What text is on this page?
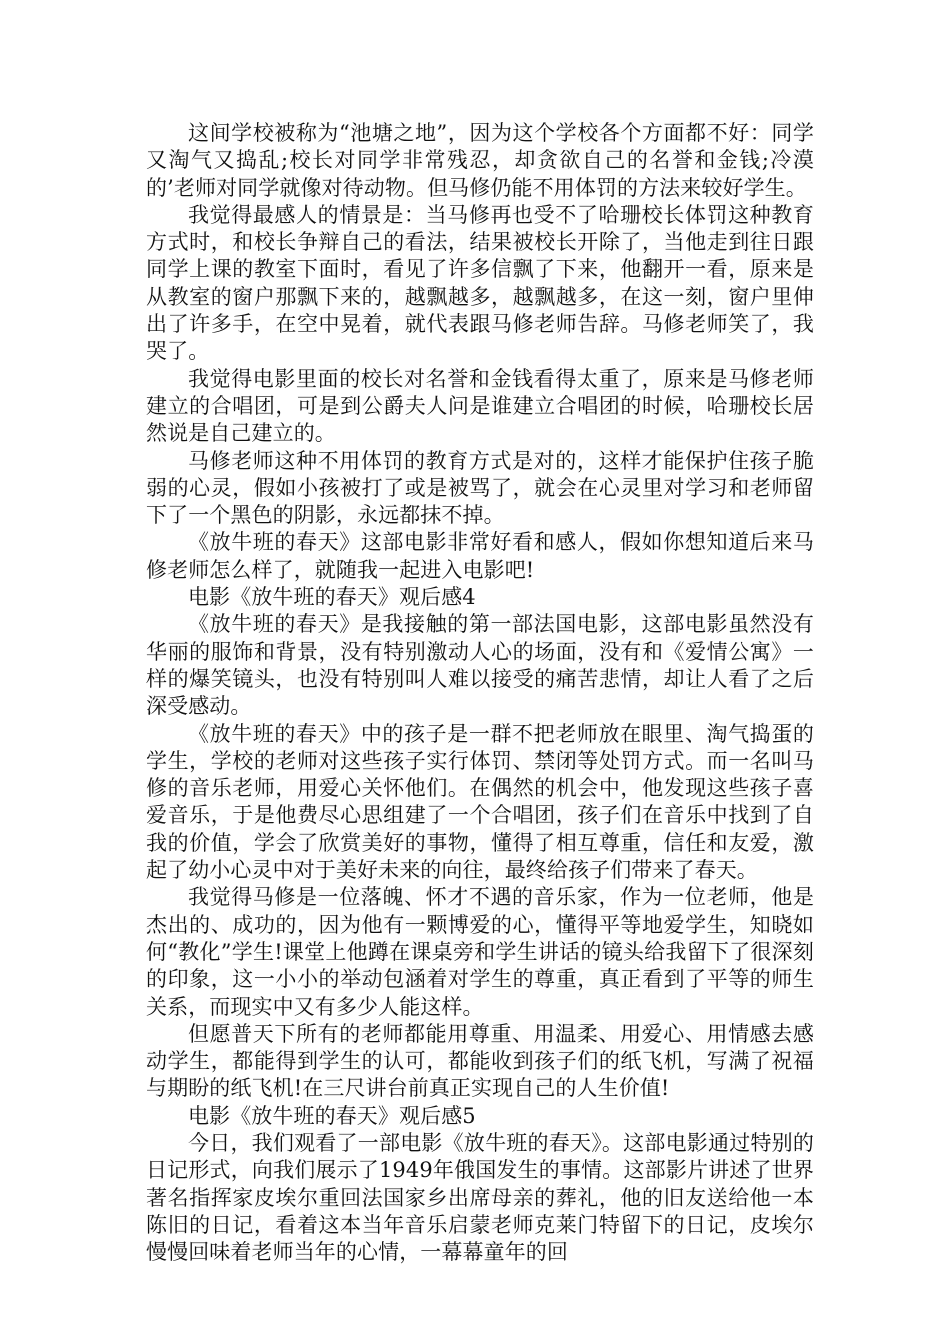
这间学校被称为“池塘之地”，因为这个学校各个方面都不好：同学又淘气又捣乱;校长对同学非常残忍，却贪欲自己的名誉和金钱;冷漠的’老师对同学就像对待动物。但马修仍能不用体罚的方法来较好学生。

我觉得最感人的情景是：当马修再也受不了哈珊校长体罚这种教育方式时，和校长争辩自己的看法，结果被校长开除了，当他走到往日跟同学上课的教室下面时，看见了许多信飘了下来，他翻开一看，原来是从教室的窗户那飘下来的，越飘越多，越飘越多，在这一刻，窗户里伸出了许多手，在空中晃着，就代表跟马修老师告辞。马修老师笑了，我哭了。

我觉得电影里面的校长对名誉和金钱看得太重了，原来是马修老师建立的合唱团，可是到公爵夫人问是谁建立合唱团的时候，哈珊校长居然说是自己建立的。

马修老师这种不用体罚的教育方式是对的，这样才能保护住孩子脆弱的心灵，假如小孩被打了或是被骂了，就会在心灵里对学习和老师留下了一个黑色的阴影，永远都抹不掉。

《放牛班的春天》这部电影非常好看和感人，假如你想知道后来马修老师怎么样了，就随我一起进入电影吧!

电影《放牛班的春天》观后感4

《放牛班的春天》是我接触的第一部法国电影，这部电影虽然没有华丽的服饰和背景，没有特别激动人心的场面，没有和《爱情公寓》一样的爆笑镜头，也没有特别叫人难以接受的痛苦悲情，却让人看了之后深受感动。

《放牛班的春天》中的孩子是一群不把老师放在眼里、淘气捣蛋的学生，学校的老师对这些孩子实行体罚、禁闭等处罚方式。而一名叫马修的音乐老师，用爱心关怀他们。在偶然的机会中，他发现这些孩子喜爱音乐，于是他费尽心思组建了一个合唱团，孩子们在音乐中找到了自我的价值，学会了欣赏美好的事物，懂得了相互尊重，信任和友爱，激起了幼小心灵中对于美好未来的向往，最终给孩子们带来了春天。

我觉得马修是一位落魄、怀才不遇的音乐家，作为一位老师，他是杰出的、成功的，因为他有一颗博爱的心，懂得平等地爱学生，知晓如何“教化”学生!课堂上他蹲在课桌旁和学生讲话的镜头给我留下了很深刻的印象，这一小小的举动包涵着对学生的尊重，真正看到了平等的师生关系，而现实中又有多少人能这样。

但愿普天下所有的老师都能用尊重、用温柔、用爱心、用情感去感动学生，都能得到学生的认可，都能收到孩子们的纸飞机，写满了祝福与期盼的纸飞机!在三尺讲台前真正实现自己的人生价值!

电影《放牛班的春天》观后感5

今日，我们观看了一部电影《放牛班的春天》。这部电影通过特别的日记形式，向我们展示了1949年俄国发生的事情。这部影片讲述了世界著名指挥家皮埃尔重回法国家乡出席母亲的葬礼，他的旧友送给他一本陈旧的日记，看着这本当年音乐启蒙老师克莱门特留下的日记，皮埃尔慢慢回味着老师当年的心情，一幕幕童年的回
